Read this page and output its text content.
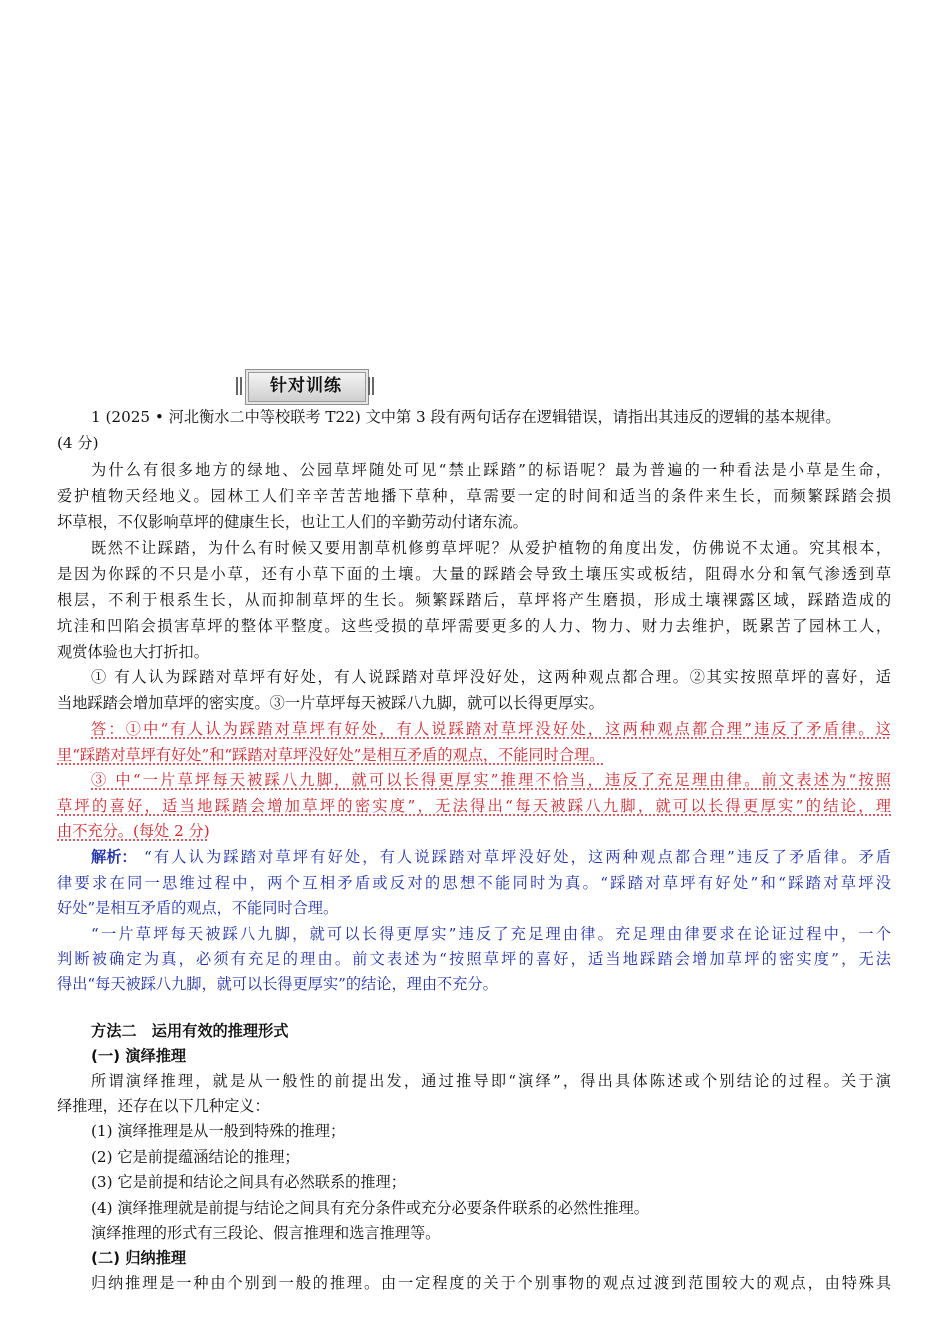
针对训练
1 (2025 • 河北衡水二中等校联考 T22) 文中第 3 段有两句话存在逻辑错误，请指出其违反的逻辑的基本规律。
(4 分)
为什么有很多地方的绿地、公园草坪随处可见“禁止踩踏”的标语呢？最为普遍的一种看法是小草是生命，
爱护植物天经地义。园林工人们辛辛苦苦地播下草种，草需要一定的时间和适当的条件来生长，而频繁踩踏会损
坏草根，不仅影响草坪的健康生长，也让工人们的辛勤劳动付诸东流。
既然不让踩踏，为什么有时候又要用割草机修剪草坪呢？从爱护植物的角度出发，仿佛说不太通。究其根本，
是因为你踩的不只是小草，还有小草下面的土壤。大量的踩踏会导致土壤压实或板结，阻碍水分和氧气渗透到草
根层，不利于根系生长，从而抑制草坪的生长。频繁踩踏后，草坪将产生磨损，形成土壤裸露区域，踩踏造成的
坑洼和凹陷会损害草坪的整体平整度。这些受损的草坪需要更多的人力、物力、财力去维护，既累苦了园林工人，
观赏体验也大打折扣。
① 有人认为踩踏对草坪有好处，有人说踩踏对草坪没好处，这两种观点都合理。②其实按照草坪的喜好，适
当地踩踏会增加草坪的密实度。③一片草坪每天被踩八九脚，就可以长得更厚实。
答：①中“有人认为踩踏对草坪有好处，有人说踩踏对草坪没好处，这两种观点都合理”违反了矛盾律。这
里“踩踏对草坪有好处”和“踩踏对草坪没好处”是相互矛盾的观点，不能同时合理。
③ 中“一片草坪每天被踩八九脚，就可以长得更厚实”推理不恰当，违反了充足理由律。前文表述为“按照
草坪的喜好，适当地踩踏会增加草坪的密实度”，无法得出“每天被踩八九脚，就可以长得更厚实”的结论，理
由不充分。(每处 2 分)
解析： “有人认为踩踏对草坪有好处，有人说踩踏对草坪没好处，这两种观点都合理”违反了矛盾律。矛盾
律要求在同一思维过程中，两个互相矛盾或反对的思想不能同时为真。“踩踏对草坪有好处”和“踩踏对草坪没
好处”是相互矛盾的观点，不能同时合理。
“一片草坪每天被踩八九脚，就可以长得更厚实”违反了充足理由律。充足理由律要求在论证过程中，一个
判断被确定为真，必须有充足的理由。前文表述为“按照草坪的喜好，适当地踩踏会增加草坪的密实度”，无法
得出“每天被踩八九脚，就可以长得更厚实”的结论，理由不充分。
方法二　运用有效的推理形式
(一) 演绎推理
所谓演绎推理，就是从一般性的前提出发，通过推导即“演绎”，得出具体陈述或个别结论的过程。关于演
绎推理，还存在以下几种定义：
(1) 演绎推理是从一般到特殊的推理；
(2) 它是前提蕴涵结论的推理；
(3) 它是前提和结论之间具有必然联系的推理；
(4) 演绎推理就是前提与结论之间具有充分条件或充分必要条件联系的必然性推理。
演绎推理的形式有三段论、假言推理和选言推理等。
(二) 归纳推理
归纳推理是一种由个别到一般的推理。由一定程度的关于个别事物的观点过渡到范围较大的观点，由特殊具
